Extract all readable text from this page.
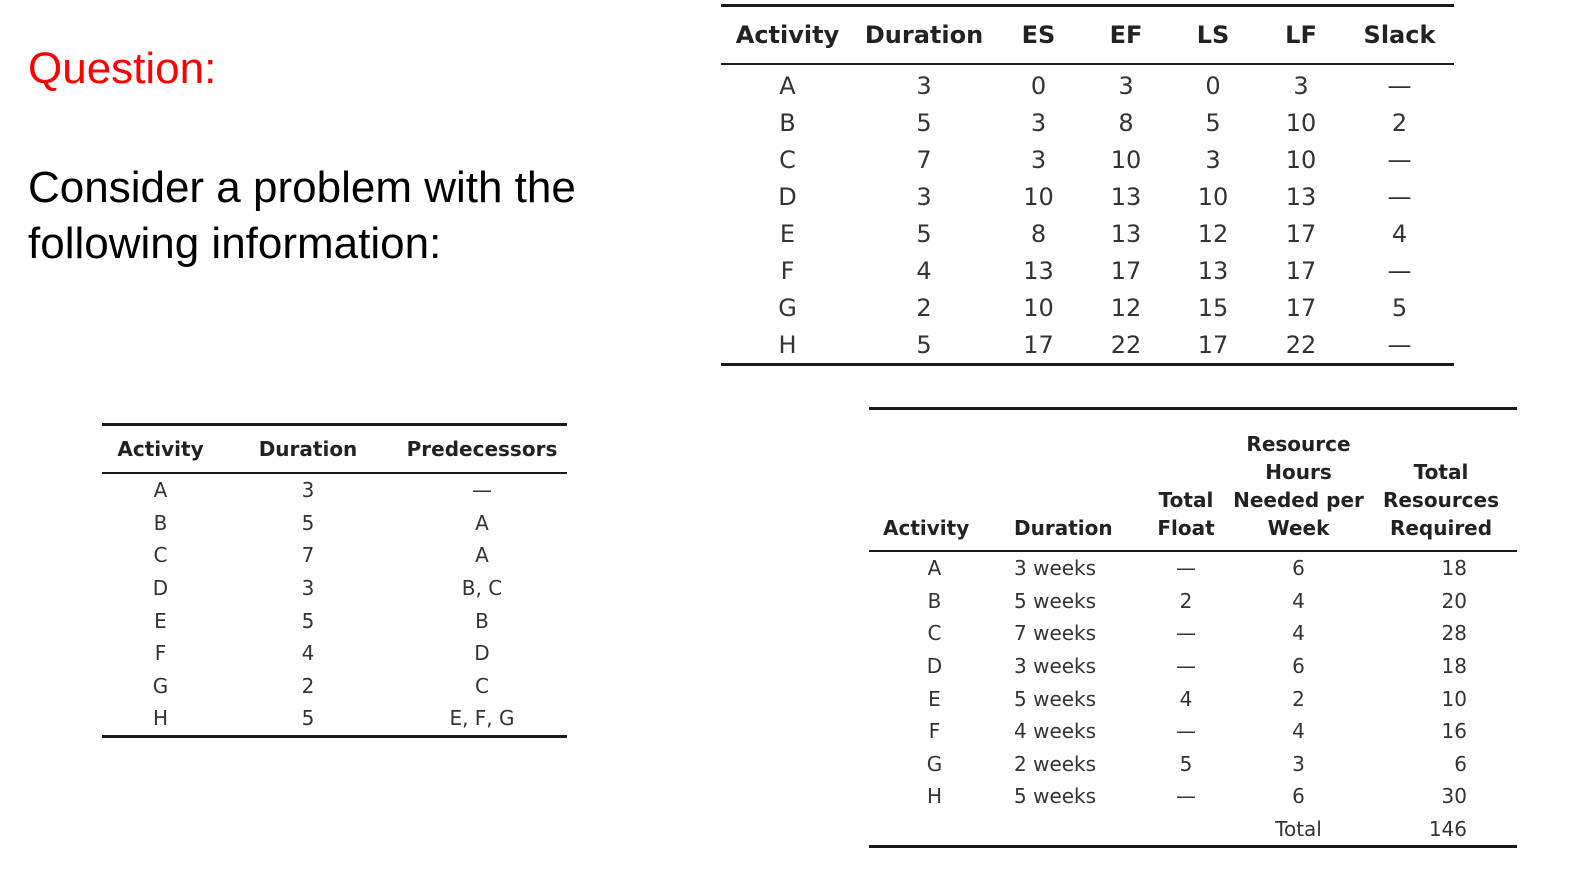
Question:

Consider a problem with the following information:

Activity	Duration	ES	EF	LS	LF	Slack
A	3	0	3	0	3	—
B	5	3	8	5	10	2
C	7	3	10	3	10	—
D	3	10	13	10	13	—
E	5	8	13	12	17	4
F	4	13	17	13	17	—
G	2	10	12	15	17	5
H	5	17	22	17	22	—
Activity	Duration	Predecessors
A	3	—
B	5	A
C	7	A
D	3	B, C
E	5	B
F	4	D
G	2	C
H	5	E, F, G
Activity	Duration	Total Float	Resource Hours Needed per Week	Total Resources Required
A	3 weeks	—	6	18
B	5 weeks	2	4	20
C	7 weeks	—	4	28
D	3 weeks	—	6	18
E	5 weeks	4	2	10
F	4 weeks	—	4	16
G	2 weeks	5	3	6
H	5 weeks	—	6	30
			Total	146
